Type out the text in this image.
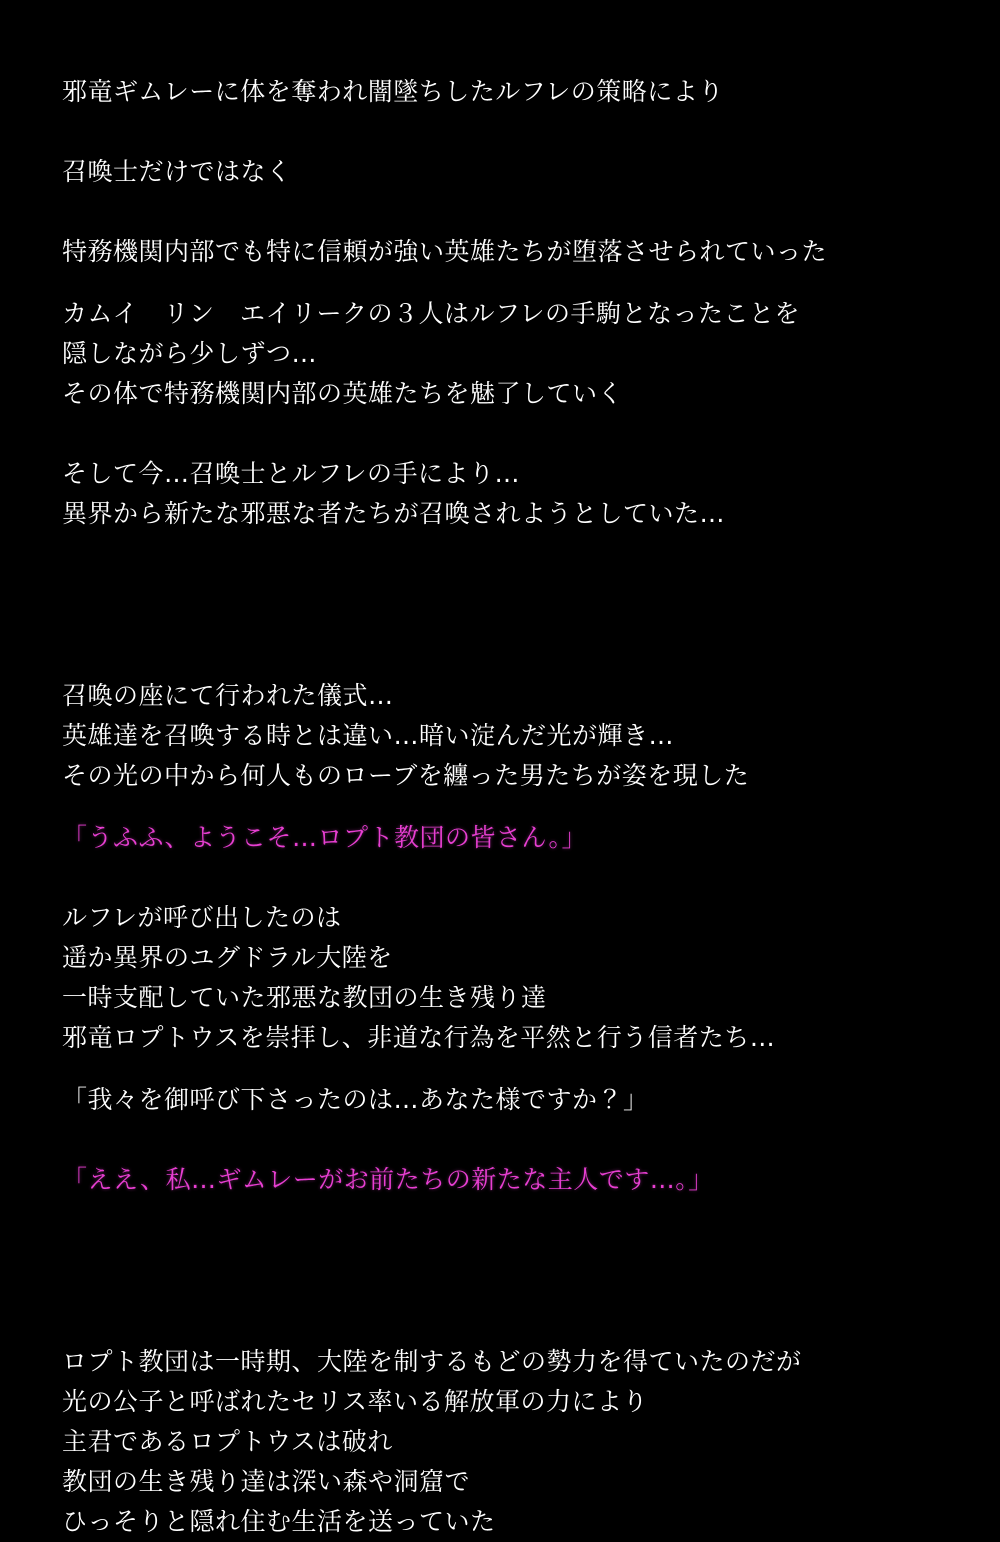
邪竜ギムレーに体を奪われ闇墜ちしたルフレの策略により
召喚士だけではなく
特務機関内部でも特に信頼が強い英雄たちが堕落させられていった
カムイ　リン　エイリークの３人はルフレの手駒となったことを
隠しながら少しずつ…
その体で特務機関内部の英雄たちを魅了していく
そして今…召喚士とルフレの手により…
異界から新たな邪悪な者たちが召喚されようとしていた…
召喚の座にて行われた儀式…
英雄達を召喚する時とは違い…暗い淀んだ光が輝き…
その光の中から何人ものローブを纏った男たちが姿を現した
「うふふ、ようこそ…ロプト教団の皆さん。」
ルフレが呼び出したのは
遥か異界のユグドラル大陸を
一時支配していた邪悪な教団の生き残り達
邪竜ロプトウスを崇拝し、非道な行為を平然と行う信者たち…
「我々を御呼び下さったのは…あなた様ですか？」
「ええ、私…ギムレーがお前たちの新たな主人です…。」
ロプト教団は一時期、大陸を制するもどの勢力を得ていたのだが
光の公子と呼ばれたセリス率いる解放軍の力により
主君であるロプトウスは破れ
教団の生き残り達は深い森や洞窟で
ひっそりと隠れ住む生活を送っていた
